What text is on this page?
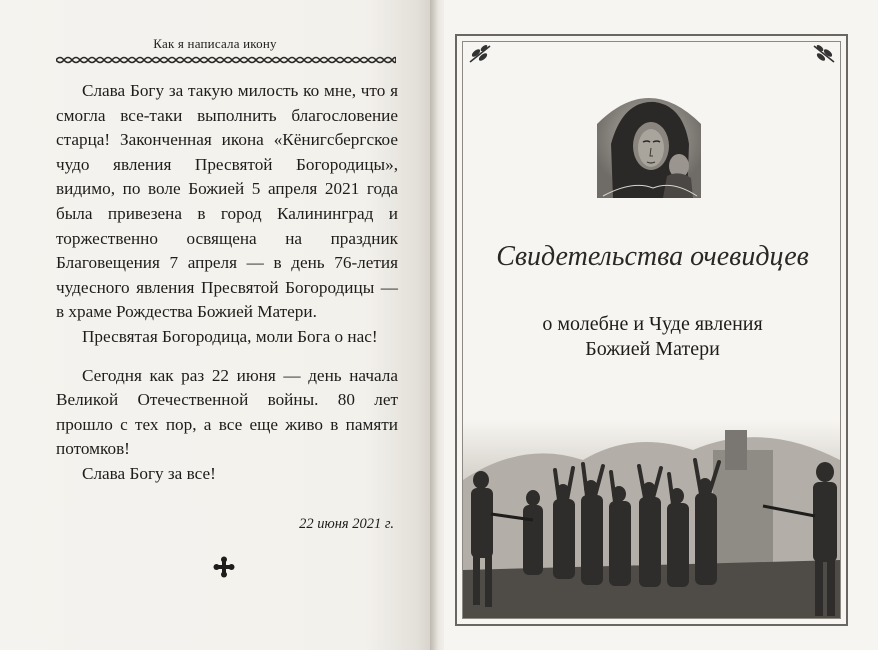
Как я написала икону

Слава Богу за такую милость ко мне, что я смогла все-таки выполнить благословение старца! Законченная икона «Кёнигсбергское чудо явления Пресвятой Богородицы», видимо, по воле Божией 5 апреля 2021 года была привезена в город Калининград и торжественно освящена на праздник Благовещения 7 апреля — в день 76-летия чудесного явления Пресвятой Богородицы — в храме Рождества Божией Матери.

Пресвятая Богородица, моли Бога о нас!

Сегодня как раз 22 июня — день начала Великой Отечественной войны. 80 лет прошло с тех пор, а все еще живо в памяти потомков!

Слава Богу за все!

22 июня 2021 г.
Свидетельства очевидцев
о молебне и Чуде явления
Божией Матери
